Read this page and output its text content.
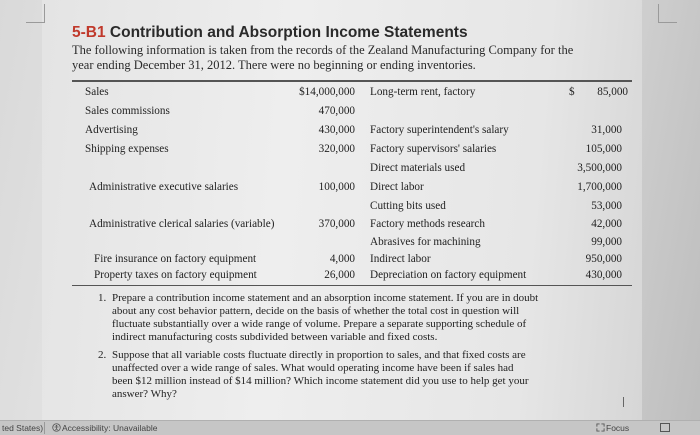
5-B1 Contribution and Absorption Income Statements
The following information is taken from the records of the Zealand Manufacturing Company for the year ending December 31, 2012. There were no beginning or ending inventories.
Sales	$14,000,000
Sales commissions	470,000
Advertising	430,000
Shipping expenses	320,000
Administrative executive salaries	100,000
Administrative clerical salaries (variable)	370,000
Fire insurance on factory equipment	4,000
Property taxes on factory equipment	26,000
Long-term rent, factory	$	85,000
Factory superintendent's salary	31,000
Factory supervisors' salaries	105,000
Direct materials used	3,500,000
Direct labor	1,700,000
Cutting bits used	53,000
Factory methods research	42,000
Abrasives for machining	99,000
Indirect labor	950,000
Depreciation on factory equipment	430,000
1. Prepare a contribution income statement and an absorption income statement. If you are in doubt
about any cost behavior pattern, decide on the basis of whether the total cost in question will
fluctuate substantially over a wide range of volume. Prepare a separate supporting schedule of
indirect manufacturing costs subdivided between variable and fixed costs.
2. Suppose that all variable costs fluctuate directly in proportion to sales, and that fixed costs are
unaffected over a wide range of sales. What would operating income have been if sales had
been $12 million instead of $14 million? Which income statement did you use to help get your
answer? Why?
ted States) Accessibility: Unavailable	Focus
